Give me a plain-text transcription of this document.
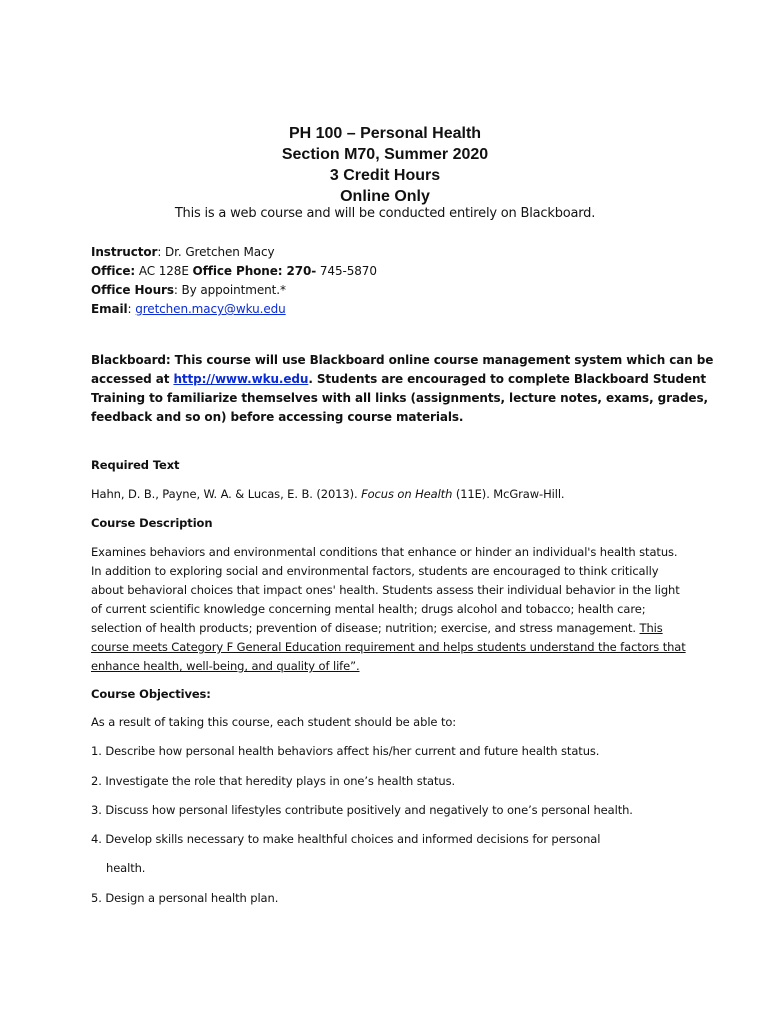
PH 100 – Personal Health
Section M70, Summer 2020
3 Credit Hours
Online Only
This is a web course and will be conducted entirely on Blackboard.
Instructor: Dr. Gretchen Macy
Office: AC 128E Office Phone: 270- 745-5870
Office Hours: By appointment.*
Email: gretchen.macy@wku.edu
Blackboard: This course will use Blackboard online course management system which can be
accessed at http://www.wku.edu. Students are encouraged to complete Blackboard Student
Training to familiarize themselves with all links (assignments, lecture notes, exams, grades,
feedback and so on) before accessing course materials.
Required Text
Hahn, D. B., Payne, W. A. & Lucas, E. B. (2013). Focus on Health (11E). McGraw-Hill.
Course Description
Examines behaviors and environmental conditions that enhance or hinder an individual's health status.
In addition to exploring social and environmental factors, students are encouraged to think critically
about behavioral choices that impact ones' health. Students assess their individual behavior in the light
of current scientific knowledge concerning mental health; drugs alcohol and tobacco; health care;
selection of health products; prevention of disease; nutrition; exercise, and stress management. This
course meets Category F General Education requirement and helps students understand the factors that
enhance health, well-being, and quality of life”.
Course Objectives:
As a result of taking this course, each student should be able to:
1. Describe how personal health behaviors affect his/her current and future health status.
2. Investigate the role that heredity plays in one’s health status.
3. Discuss how personal lifestyles contribute positively and negatively to one’s personal health.
4. Develop skills necessary to make healthful choices and informed decisions for personal
health.
5. Design a personal health plan.
